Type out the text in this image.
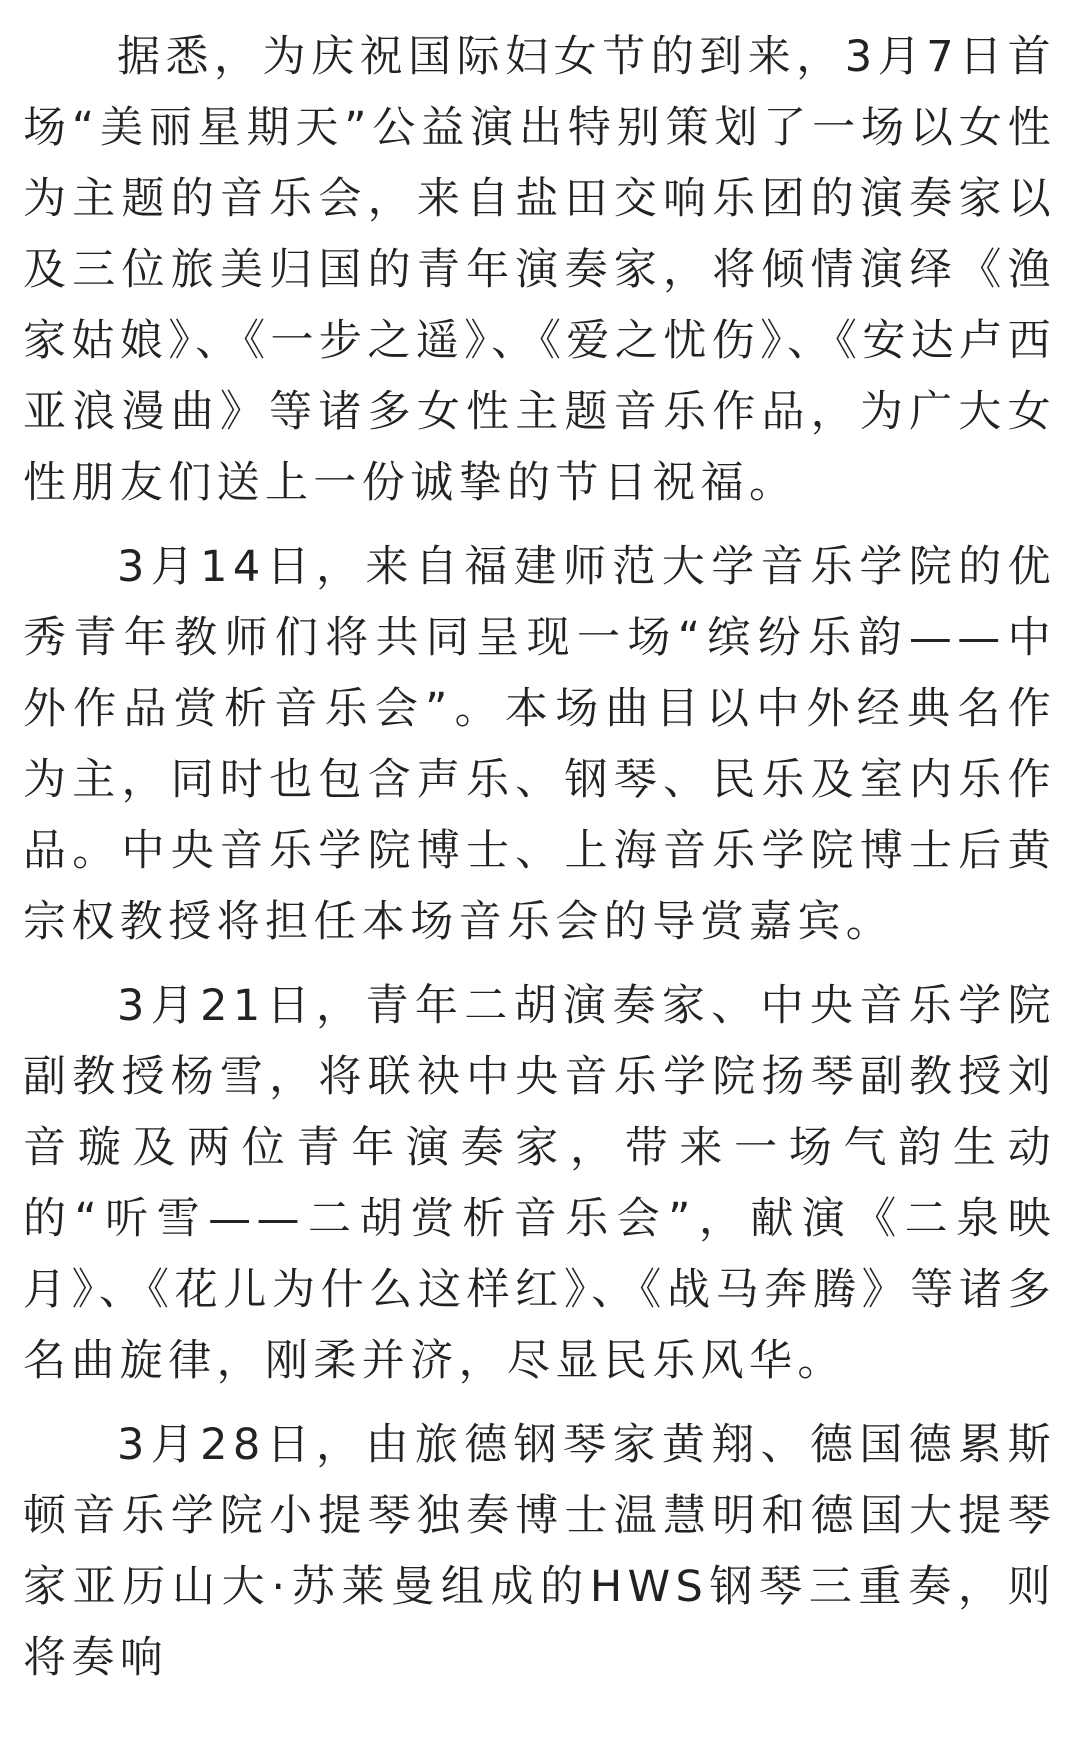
据悉，为庆祝国际妇女节的到来，3月7日首场“美丽星期天”公益演出特别策划了一场以女性为主题的音乐会，来自盐田交响乐团的演奏家以及三位旅美归国的青年演奏家，将倾情演绎《渔家姑娘》、《一步之遥》、《爱之忧伤》、《安达卢西亚浪漫曲》等诸多女性主题音乐作品，为广大女性朋友们送上一份诚挚的节日祝福。

3月14日，来自福建师范大学音乐学院的优秀青年教师们将共同呈现一场“缤纷乐韵——中外作品赏析音乐会”。本场曲目以中外经典名作为主，同时也包含声乐、钢琴、民乐及室内乐作品。中央音乐学院博士、上海音乐学院博士后黄宗权教授将担任本场音乐会的导赏嘉宾。

3月21日，青年二胡演奏家、中央音乐学院副教授杨雪，将联袂中央音乐学院扬琴副教授刘音璇及两位青年演奏家，带来一场气韵生动的“听雪——二胡赏析音乐会”，献演《二泉映月》、《花儿为什么这样红》、《战马奔腾》等诸多名曲旋律，刚柔并济，尽显民乐风华。

3月28日，由旅德钢琴家黄翔、德国德累斯顿音乐学院小提琴独奏博士温慧明和德国大提琴家亚历山大·苏莱曼组成的HWS钢琴三重奏，则将奏响
